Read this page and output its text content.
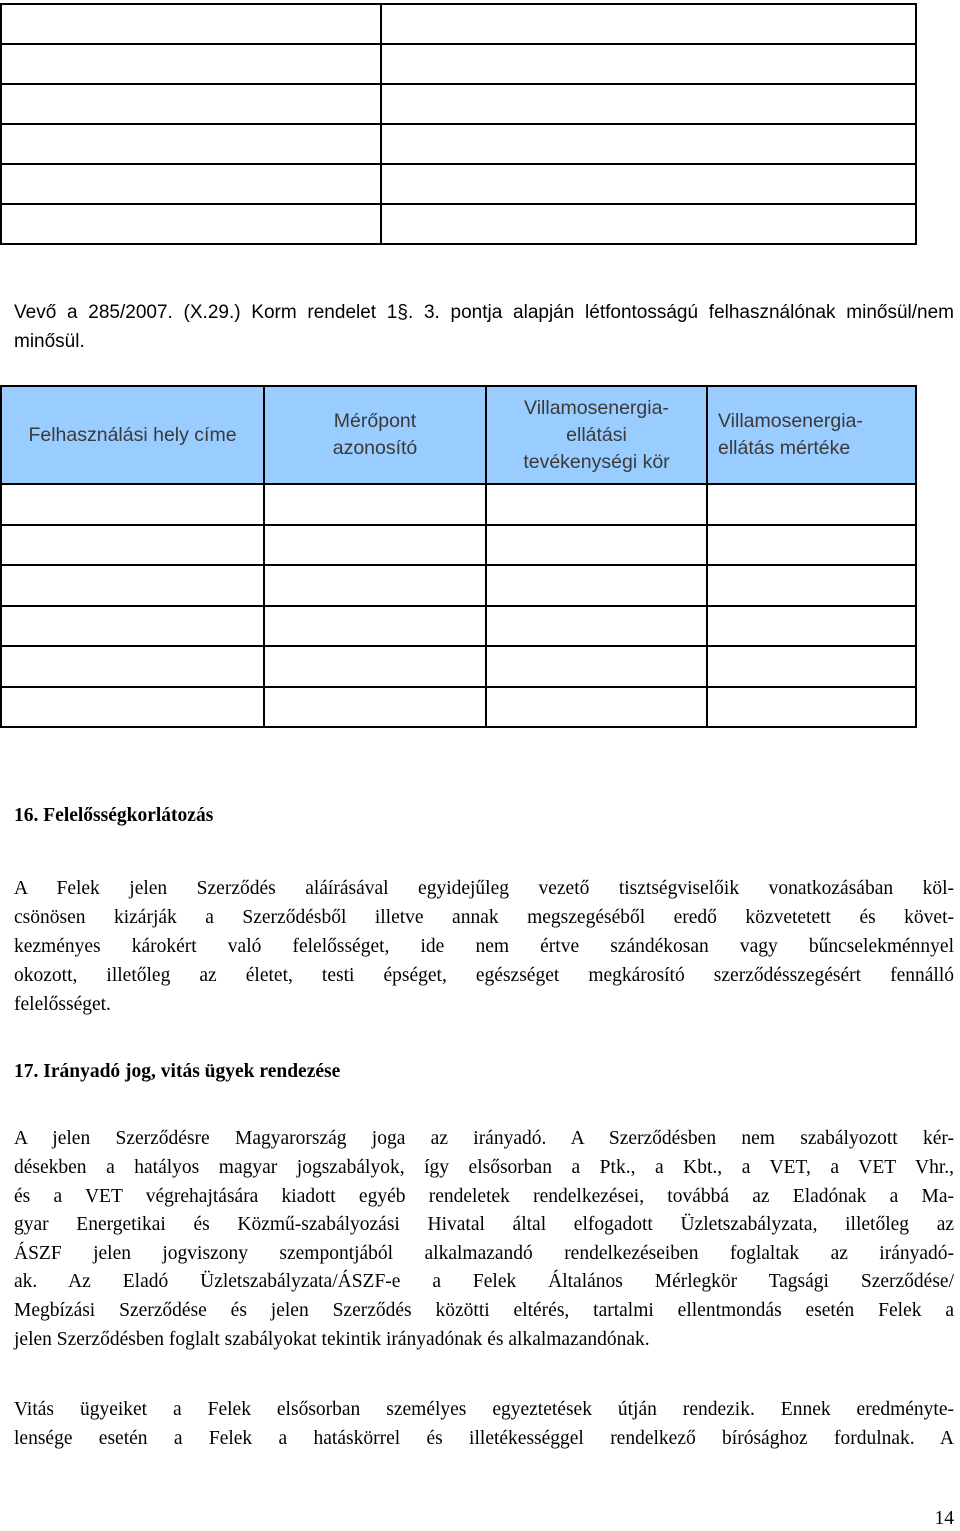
Vevő a 285/2007. (X.29.) Korm rendelet 1§. 3. pontja alapján létfontosságú felhasználónak minősül/nem minősül.
Felhasználási hely címe	Mérőpont azonosító	Villamosenergia-ellátási tevékenységi kör	Villamosenergia-ellátás mértéke

16. Felelősségkorlátozás
A Felek jelen Szerződés aláírásával egyidejűleg vezető tisztségviselőik vonatkozásában köl-
csönösen kizárják a Szerződésből illetve annak megszegéséből eredő közvetetett és követ-
kezményes károkért való felelősséget, ide nem értve szándékosan vagy bűncselekménnyel
okozott, illetőleg az életet, testi épséget, egészséget megkárosító szerződésszegésért fennálló
felelősséget.
17. Irányadó jog, vitás ügyek rendezése
A jelen Szerződésre Magyarország joga az irányadó. A Szerződésben nem szabályozott kér-
désekben a hatályos magyar jogszabályok, így elsősorban a Ptk., a Kbt., a VET, a VET Vhr.,
és a VET végrehajtására kiadott egyéb rendeletek rendelkezései, továbbá az Eladónak a Ma-
gyar Energetikai és Közmű-szabályozási Hivatal által elfogadott Üzletszabályzata, illetőleg az
ÁSZF jelen jogviszony szempontjából alkalmazandó rendelkezéseiben foglaltak az irányadó-
ak. Az Eladó Üzletszabályzata/ÁSZF-e a Felek Általános Mérlegkör Tagsági Szerződése/
Megbízási Szerződése és jelen Szerződés közötti eltérés, tartalmi ellentmondás esetén Felek a
jelen Szerződésben foglalt szabályokat tekintik irányadónak és alkalmazandónak.
Vitás ügyeiket a Felek elsősorban személyes egyeztetések útján rendezik. Ennek eredményte-
lensége esetén a Felek a hatáskörrel és illetékességgel rendelkező bírósághoz fordulnak. A
14
